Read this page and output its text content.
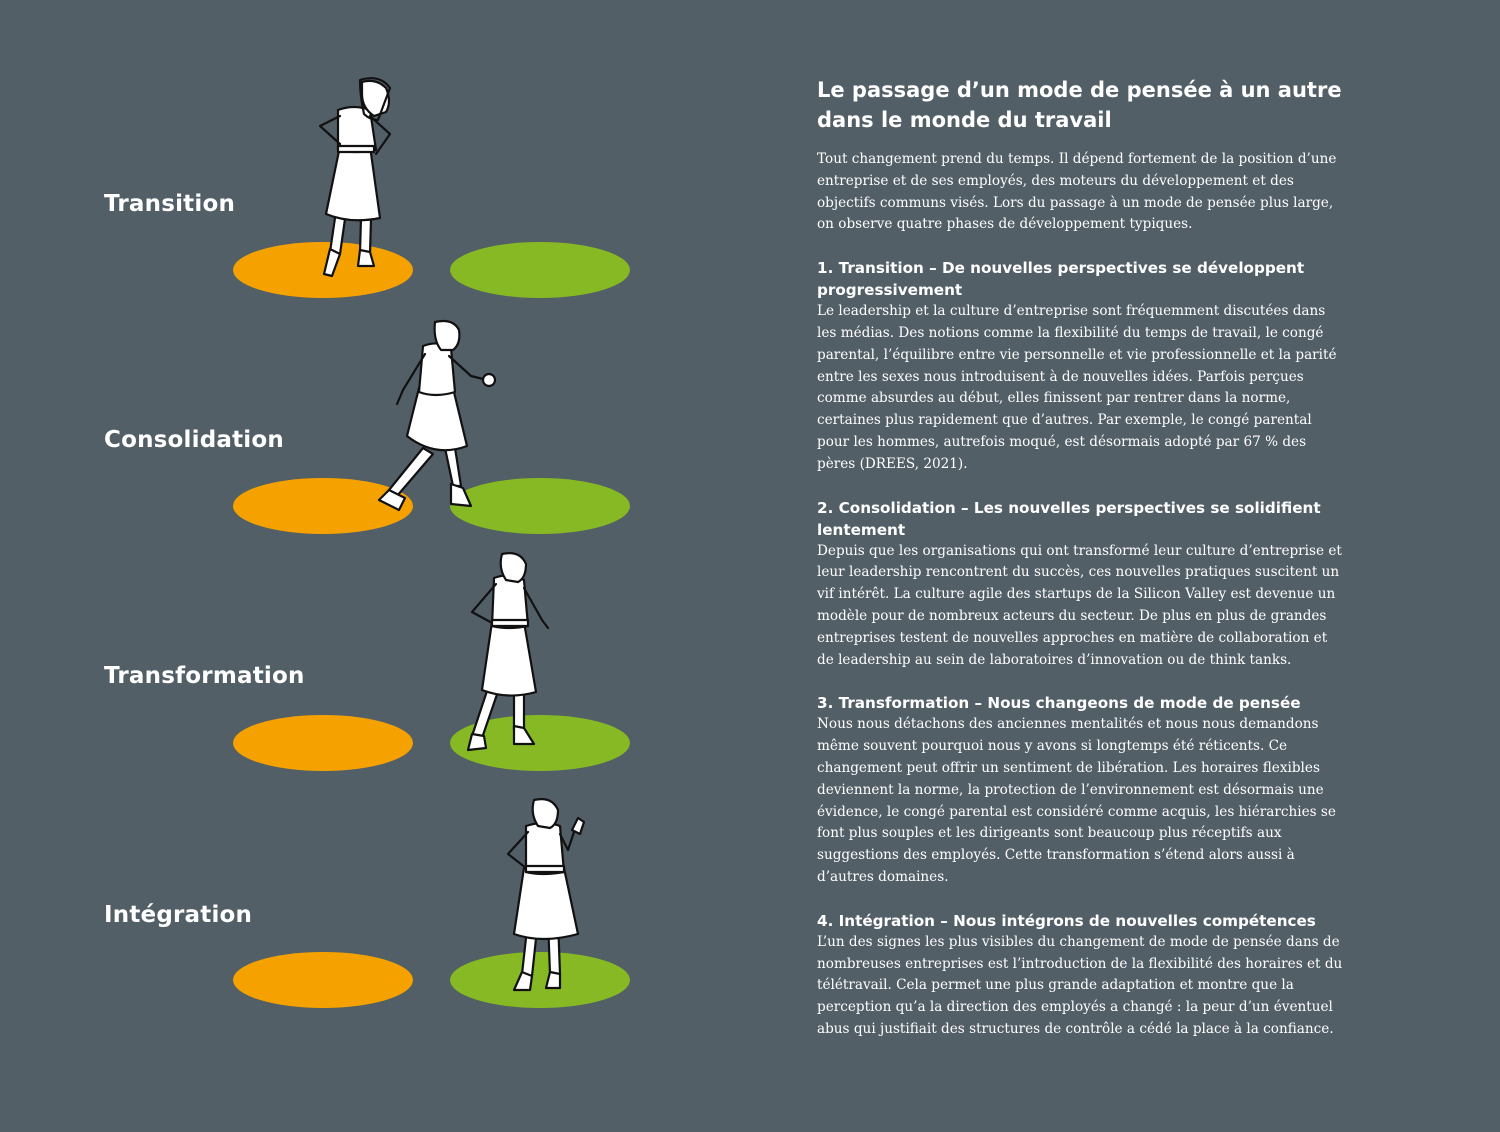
Transition
Consolidation
Transformation
Intégration
Le passage d’un mode de pensée à un autre dans le monde du travail

Tout changement prend du temps. Il dépend fortement de la position d’une entreprise et de ses employés, des moteurs du développement et des objectifs communs visés. Lors du passage à un mode de pensée plus large, on observe quatre phases de développement typiques.

1. Transition – De nouvelles perspectives se développent progressivement

Le leadership et la culture d’entreprise sont fréquemment discutées dans les médias. Des notions comme la flexibilité du temps de travail, le congé parental, l’équilibre entre vie personnelle et vie professionnelle et la parité entre les sexes nous introduisent à de nouvelles idées. Parfois perçues comme absurdes au début, elles finissent par rentrer dans la norme, certaines plus rapidement que d’autres. Par exemple, le congé parental pour les hommes, autrefois moqué, est désormais adopté par 67 % des pères (DREES, 2021).

2. Consolidation – Les nouvelles perspectives se solidifient lentement

Depuis que les organisations qui ont transformé leur culture d’entreprise et leur leadership rencontrent du succès, ces nouvelles pratiques suscitent un vif intérêt. La culture agile des startups de la Silicon Valley est devenue un modèle pour de nombreux acteurs du secteur. De plus en plus de grandes entreprises testent de nouvelles approches en matière de collaboration et de leadership au sein de laboratoires d’innovation ou de think tanks.

3. Transformation – Nous changeons de mode de pensée

Nous nous détachons des anciennes mentalités et nous nous demandons même souvent pourquoi nous y avons si longtemps été réticents. Ce changement peut offrir un sentiment de libération. Les horaires flexibles deviennent la norme, la protection de l’environnement est désormais une évidence, le congé parental est considéré comme acquis, les hiérarchies se font plus souples et les dirigeants sont beaucoup plus réceptifs aux suggestions des employés. Cette transformation s’étend alors aussi à d’autres domaines.

4. Intégration – Nous intégrons de nouvelles compétences

L’un des signes les plus visibles du changement de mode de pensée dans de nombreuses entreprises est l’introduction de la flexibilité des horaires et du télétravail. Cela permet une plus grande adaptation et montre que la perception qu’a la direction des employés a changé : la peur d’un éventuel abus qui justifiait des structures de contrôle a cédé la place à la confiance.
